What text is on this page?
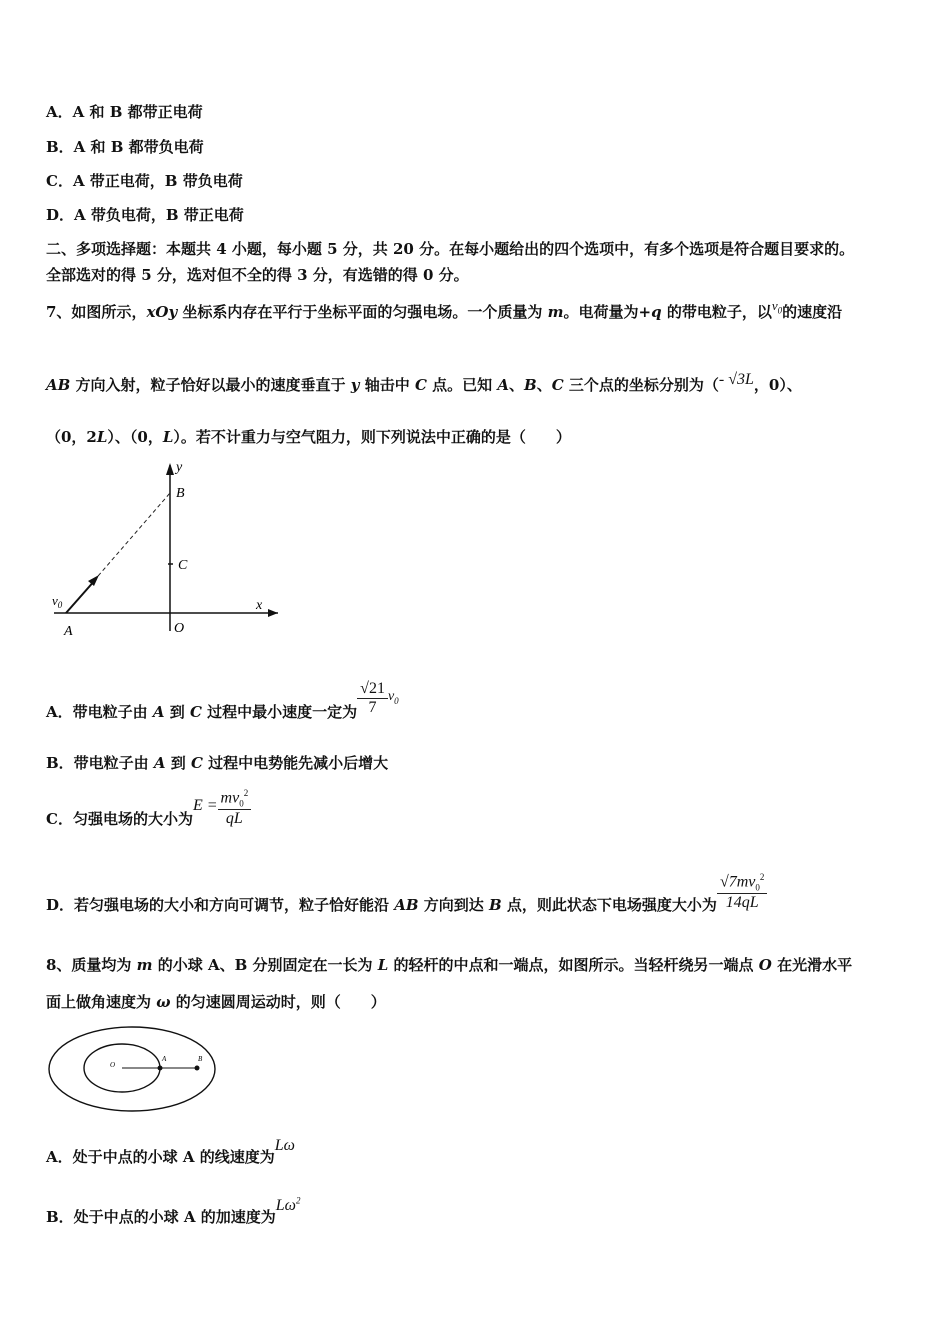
A．A 和 B 都带正电荷
B．A 和 B 都带负电荷
C．A 带正电荷，B 带负电荷
D．A 带负电荷，B 带正电荷
二、多项选择题：本题共 4 小题，每小题 5 分，共 20 分。在每小题给出的四个选项中，有多个选项是符合题目要求的。
全部选对的得 5 分，选对但不全的得 3 分，有选错的得 0 分。
7、如图所示，xOy 坐标系内存在平行于坐标平面的匀强电场。一个质量为 m。电荷量为+q 的带电粒子，以$v_0$的速度沿
AB 方向入射，粒子恰好以最小的速度垂直于 y 轴击中 C 点。已知 A、B、C 三个点的坐标分别为（- √3L，0）、
（0，2L）、（0，L）。若不计重力与空气阻力，则下列说法中正确的是（　　）
y
x
B
C
A	O
$v_0$
A．带电粒子由 A 到 C 过程中最小速度一定为 $\frac{√21}{7} v_0$
B．带电粒子由 A 到 C 过程中电势能先减小后增大
C．匀强电场的大小为$E = \frac{mv_0^2}{qL}$
D．若匀强电场的大小和方向可调节，粒子恰好能沿 AB 方向到达 B 点，则此状态下电场强度大小为 $\frac{√7mv_0^2}{14qL}$
8、质量均为 m 的小球 A、B 分别固定在一长为 L 的轻杆的中点和一端点，如图所示。当轻杆绕另一端点 O 在光滑水平
面上做角速度为 ω 的匀速圆周运动时，则（　　）
O
A	B
A．处于中点的小球 A 的线速度为Lω
B．处于中点的小球 A 的加速度为$L\omega^2$
